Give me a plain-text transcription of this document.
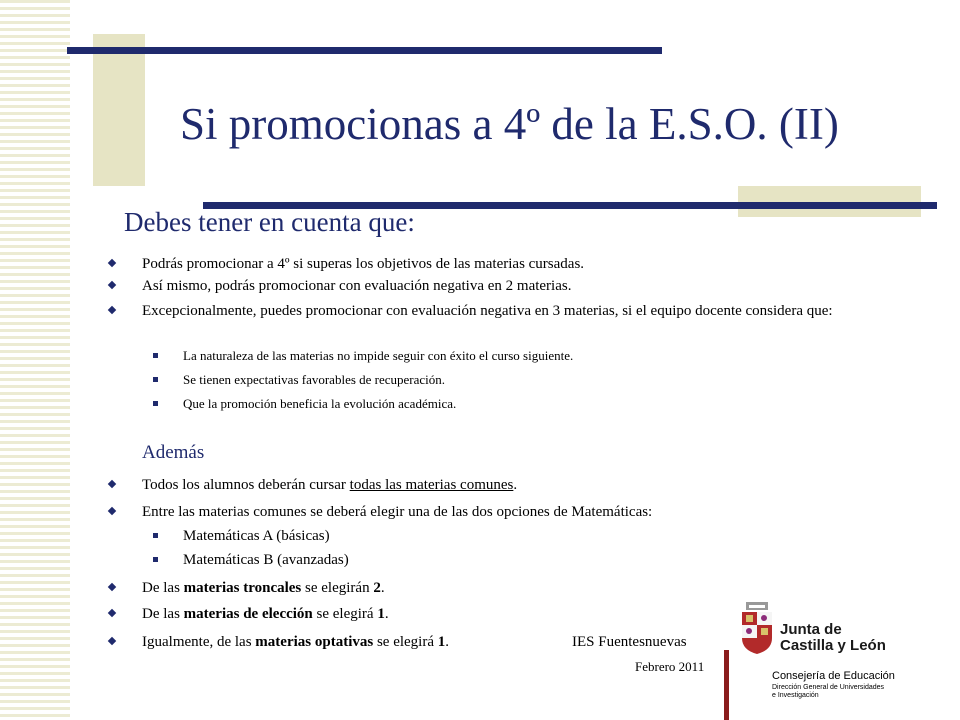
Si promocionas a 4º de la E.S.O. (II)
Debes tener en cuenta que:
Podrás promocionar a 4º si superas los objetivos de las materias cursadas.
Así mismo, podrás promocionar con evaluación negativa en 2 materias.
Excepcionalmente, puedes promocionar con evaluación negativa en 3 materias, si el equipo docente considera que:
La naturaleza de las materias no impide seguir con éxito el curso siguiente.
Se tienen expectativas favorables de recuperación.
Que la promoción beneficia la evolución académica.
Además
Todos los alumnos deberán cursar todas las materias comunes.
Entre las materias comunes se deberá elegir una de las dos opciones de Matemáticas:
Matemáticas A (básicas)
Matemáticas B (avanzadas)
De las materias troncales se elegirán 2.
De las materias de elección se elegirá 1.
Igualmente, de las materias optativas se elegirá 1.	IES Fuentesnuevas
Febrero 2011
Junta de
Castilla y León
Consejería de Educación
Dirección General de Universidades
e Investigación
